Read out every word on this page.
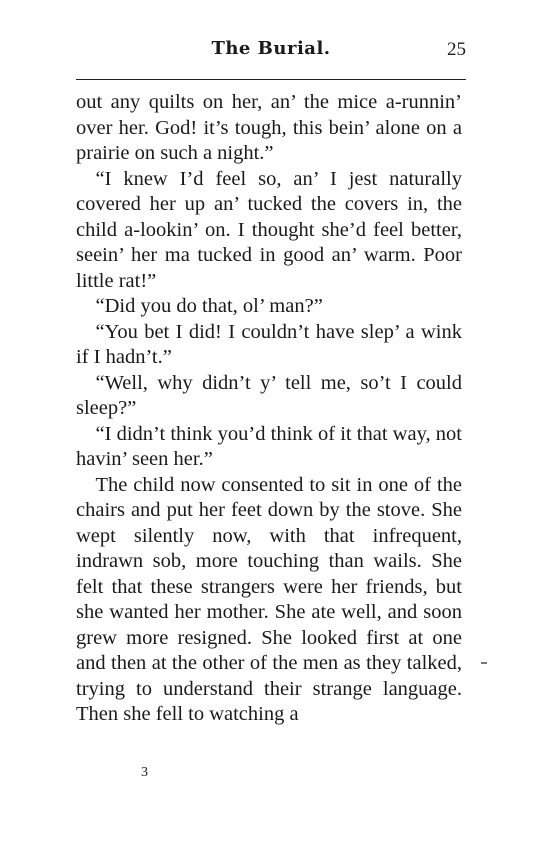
The Burial.	25

out any quilts on her, an’ the mice a-runnin’ over her. God! it’s tough, this bein’ alone on a prairie on such a night.”

“I knew I’d feel so, an’ I jest naturally covered her up an’ tucked the covers in, the child a-lookin’ on. I thought she’d feel better, seein’ her ma tucked in good an’ warm. Poor little rat!”

“Did you do that, ol’ man?”

“You bet I did! I couldn’t have slep’ a wink if I hadn’t.”

“Well, why didn’t y’ tell me, so’t I could sleep?”

“I didn’t think you’d think of it that way, not havin’ seen her.”

The child now consented to sit in one of the chairs and put her feet down by the stove. She wept silently now, with that infrequent, indrawn sob, more touching than wails. She felt that these strangers were her friends, but she wanted her mother. She ate well, and soon grew more resigned. She looked first at one and then at the other of the men as they talked, trying to understand their strange language. Then she fell to watching a

3
